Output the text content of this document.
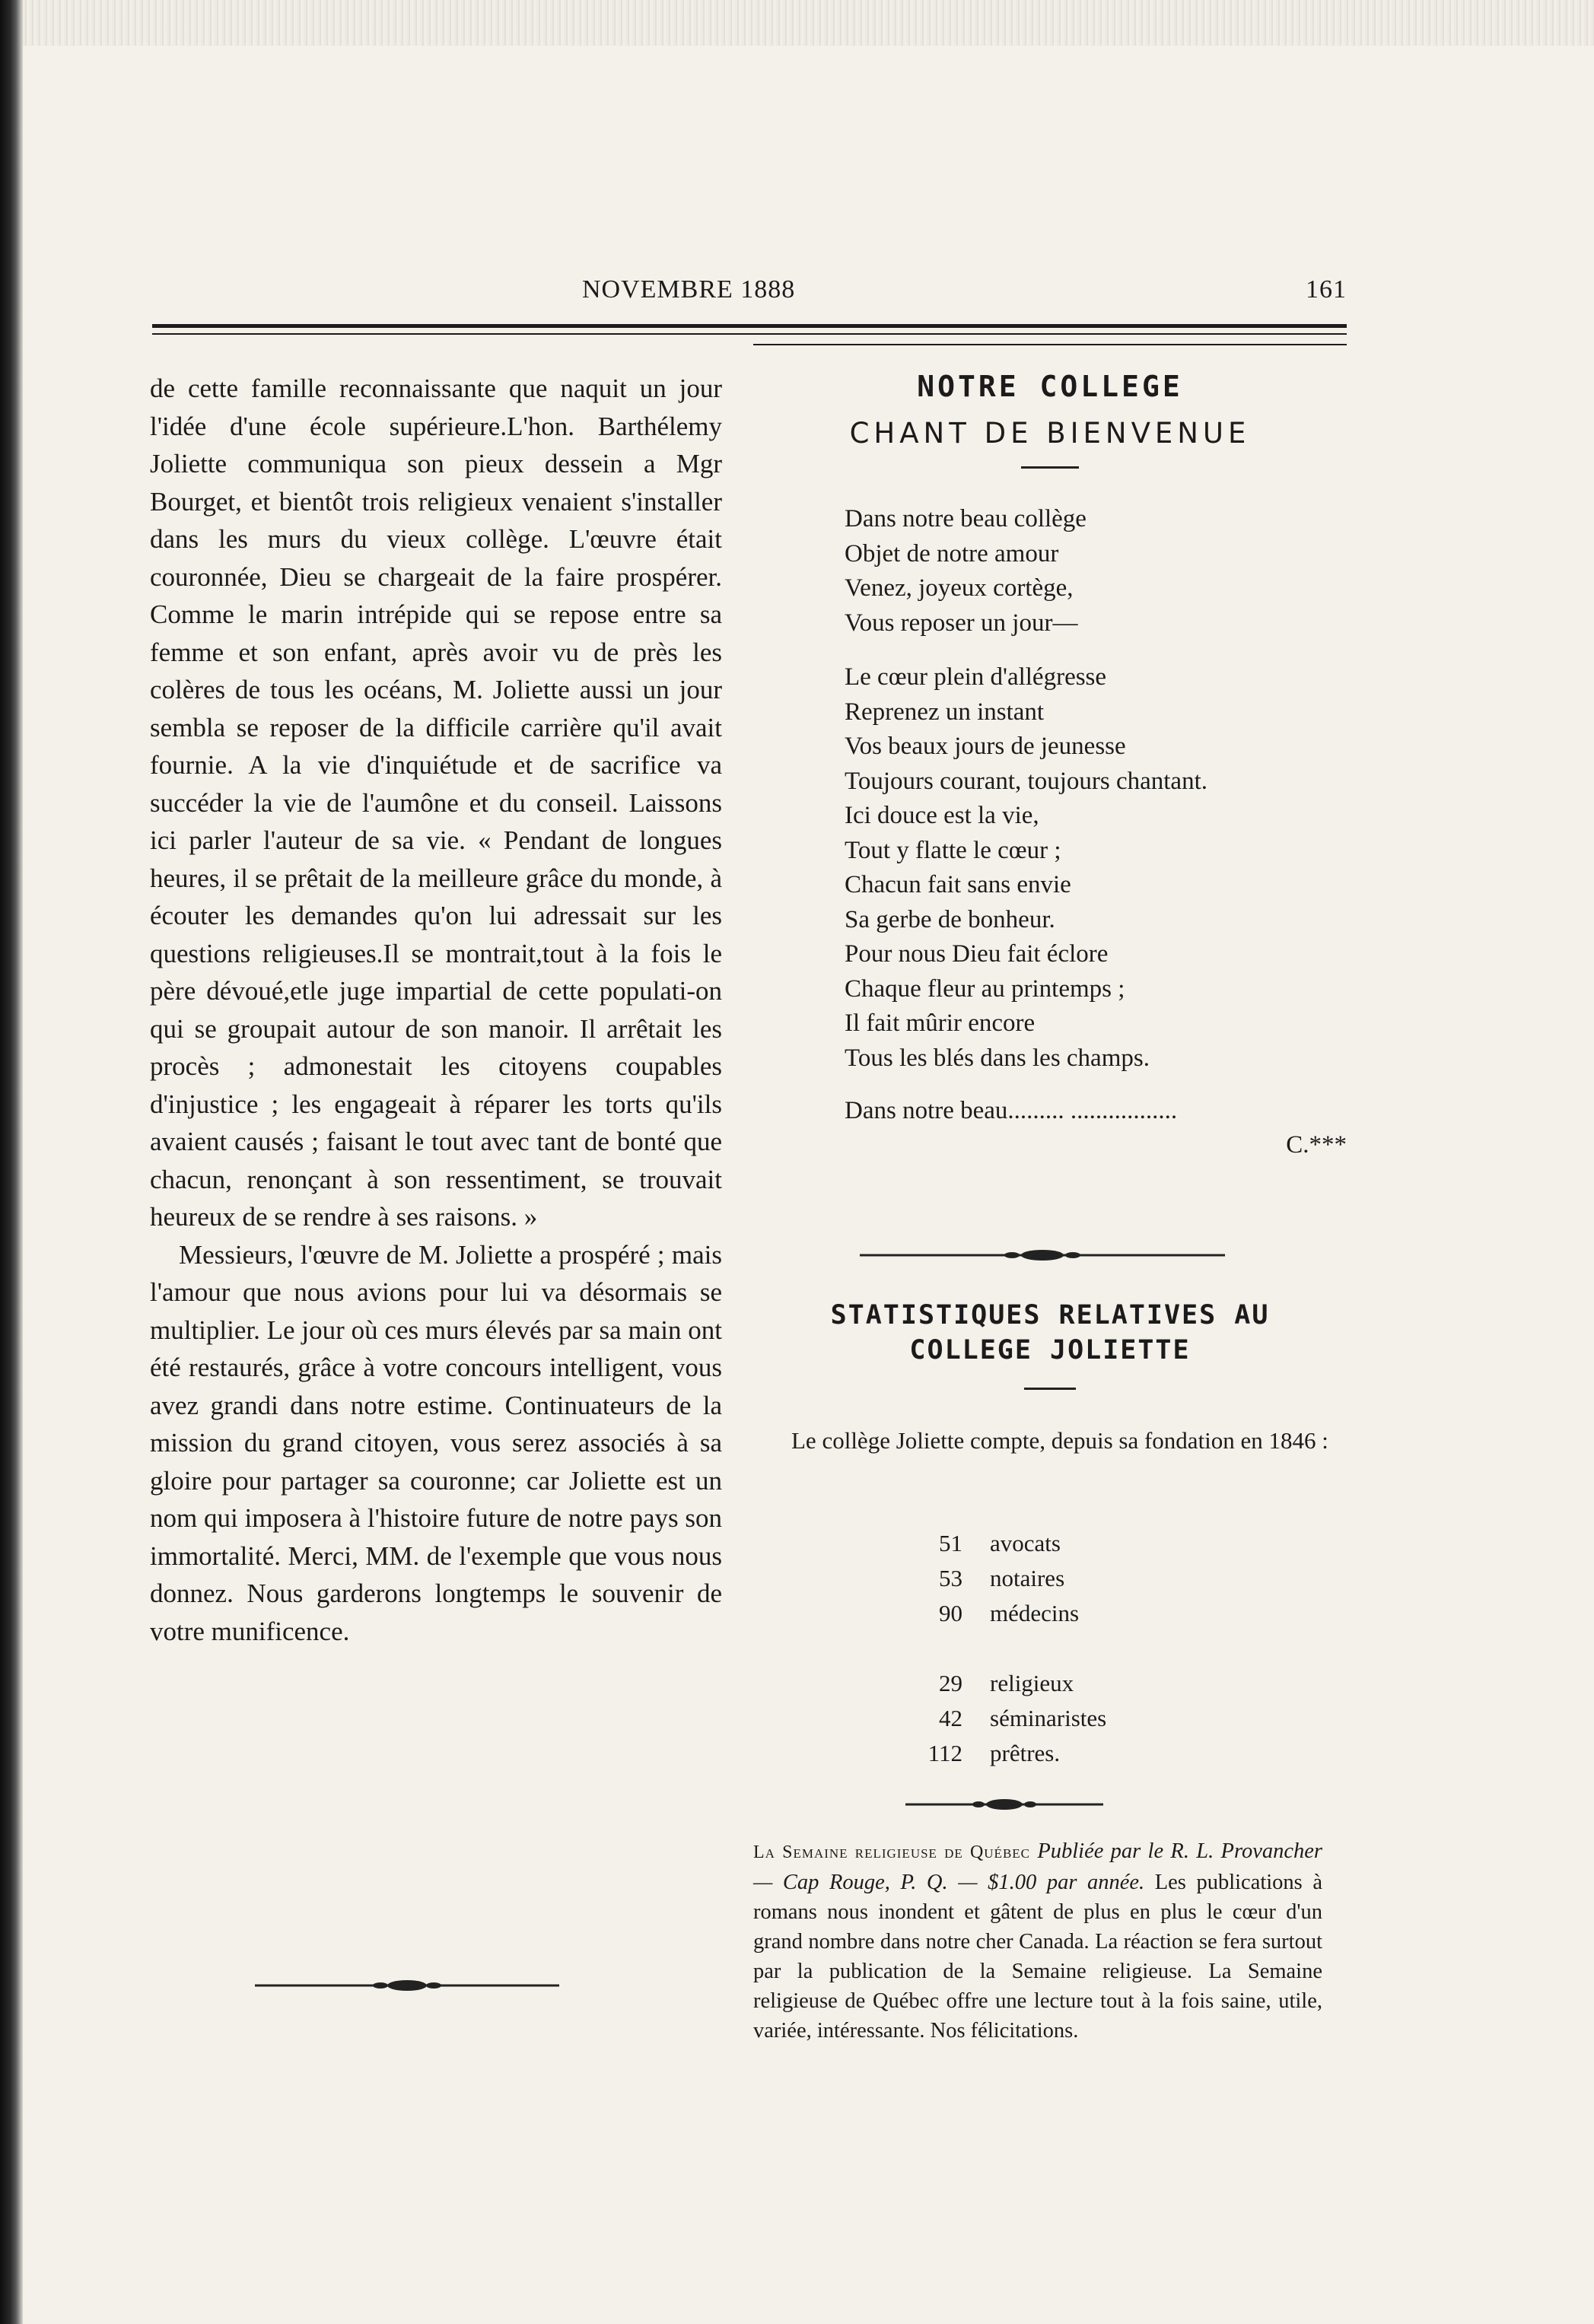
NOVEMBRE 1888	161

de cette famille reconnaissante que naquit un jour l'idée d'une école supérieure.L'hon. Barthélemy Joliette communiqua son pieux dessein a Mgr Bourget, et bientôt trois religieux venaient s'installer dans les murs du vieux collège. L'œuvre était couronnée, Dieu se chargeait de la faire prospérer. Comme le marin intrépide qui se repose entre sa femme et son enfant, après avoir vu de près les colères de tous les océans, M. Joliette aussi un jour sembla se reposer de la difficile carrière qu'il avait fournie. A la vie d'inquiétude et de sacrifice va succéder la vie de l'aumône et du conseil. Laissons ici parler l'auteur de sa vie. « Pendant de longues heures, il se prêtait de la meilleure grâce du monde, à écouter les demandes qu'on lui adressait sur les questions religieuses.Il se montrait,tout à la fois le père dévoué,etle juge impartial de cette populati-on qui se groupait autour de son manoir. Il arrêtait les procès ; admonestait les citoyens coupables d'injustice ; les engageait à réparer les torts qu'ils avaient causés ; faisant le tout avec tant de bonté que chacun, renonçant à son ressentiment, se trouvait heureux de se rendre à ses raisons. »

Messieurs, l'œuvre de M. Joliette a prospéré ; mais l'amour que nous avions pour lui va désormais se multiplier. Le jour où ces murs élevés par sa main ont été restaurés, grâce à votre concours intelligent, vous avez grandi dans notre estime. Continuateurs de la mission du grand citoyen, vous serez associés à sa gloire pour partager sa couronne; car Joliette est un nom qui imposera à l'histoire future de notre pays son immortalité. Merci, MM. de l'exemple que vous nous donnez. Nous garderons longtemps le souvenir de votre munificence.

NOTRE COLLEGE
CHANT DE BIENVENUE
Dans notre beau collège
Objet de notre amour
Venez, joyeux cortège,
Vous reposer un jour—
Le cœur plein d'allégresse
Reprenez un instant
Vos beaux jours de jeunesse
Toujours courant, toujours chantant.
Ici douce est la vie,
Tout y flatte le cœur ;
Chacun fait sans envie
Sa gerbe de bonheur.
Pour nous Dieu fait éclore
Chaque fleur au printemps ;
Il fait mûrir encore
Tous les blés dans les champs.
Dans notre beau......... .................
C.***
STATISTIQUES RELATIVES AU
COLLEGE JOLIETTE
Le collège Joliette compte, depuis sa fondation en 1846 :
51 avocats
53 notaires
90 médecins
29 religieux
42 séminaristes
112 prêtres.
La Semaine religieuse de Québec Publiée par le R. L. Provancher — Cap Rouge, P. Q. — $1.00 par année. Les publications à romans nous inondent et gâtent de plus en plus le cœur d'un grand nombre dans notre cher Canada. La réaction se fera surtout par la publication de la Semaine religieuse. La Semaine religieuse de Québec offre une lecture tout à la fois saine, utile, variée, intéressante. Nos félicitations.
